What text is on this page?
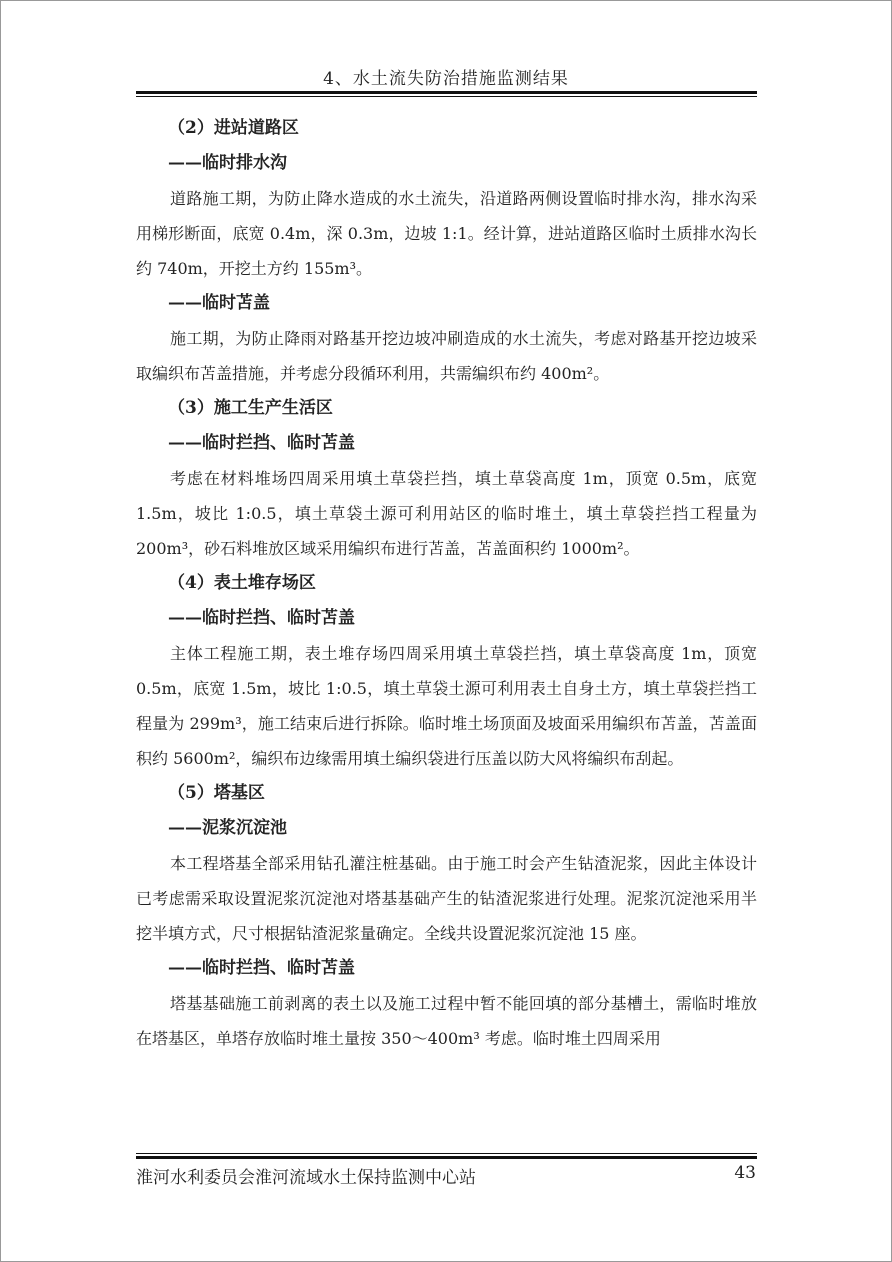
4、水土流失防治措施监测结果
（2）进站道路区
——临时排水沟

道路施工期，为防止降水造成的水土流失，沿道路两侧设置临时排水沟，排水沟采用梯形断面，底宽 0.4m，深 0.3m，边坡 1:1。经计算，进站道路区临时土质排水沟长约 740m，开挖土方约 155m³。

——临时苫盖

施工期，为防止降雨对路基开挖边坡冲刷造成的水土流失，考虑对路基开挖边坡采取编织布苫盖措施，并考虑分段循环利用，共需编织布约 400m²。

（3）施工生产生活区
——临时拦挡、临时苫盖

考虑在材料堆场四周采用填土草袋拦挡，填土草袋高度 1m，顶宽 0.5m，底宽 1.5m，坡比 1:0.5，填土草袋土源可利用站区的临时堆土，填土草袋拦挡工程量为 200m³，砂石料堆放区域采用编织布进行苫盖，苫盖面积约 1000m²。

（4）表土堆存场区
——临时拦挡、临时苫盖

主体工程施工期，表土堆存场四周采用填土草袋拦挡，填土草袋高度 1m，顶宽 0.5m，底宽 1.5m，坡比 1:0.5，填土草袋土源可利用表土自身土方，填土草袋拦挡工程量为 299m³，施工结束后进行拆除。临时堆土场顶面及坡面采用编织布苫盖，苫盖面积约 5600m²，编织布边缘需用填土编织袋进行压盖以防大风将编织布刮起。

（5）塔基区
——泥浆沉淀池

本工程塔基全部采用钻孔灌注桩基础。由于施工时会产生钻渣泥浆，因此主体设计已考虑需采取设置泥浆沉淀池对塔基基础产生的钻渣泥浆进行处理。泥浆沉淀池采用半挖半填方式，尺寸根据钻渣泥浆量确定。全线共设置泥浆沉淀池 15 座。

——临时拦挡、临时苫盖

塔基基础施工前剥离的表土以及施工过程中暂不能回填的部分基槽土，需临时堆放在塔基区，单塔存放临时堆土量按 350～400m³ 考虑。临时堆土四周采用

淮河水利委员会淮河流域水土保持监测中心站	43
